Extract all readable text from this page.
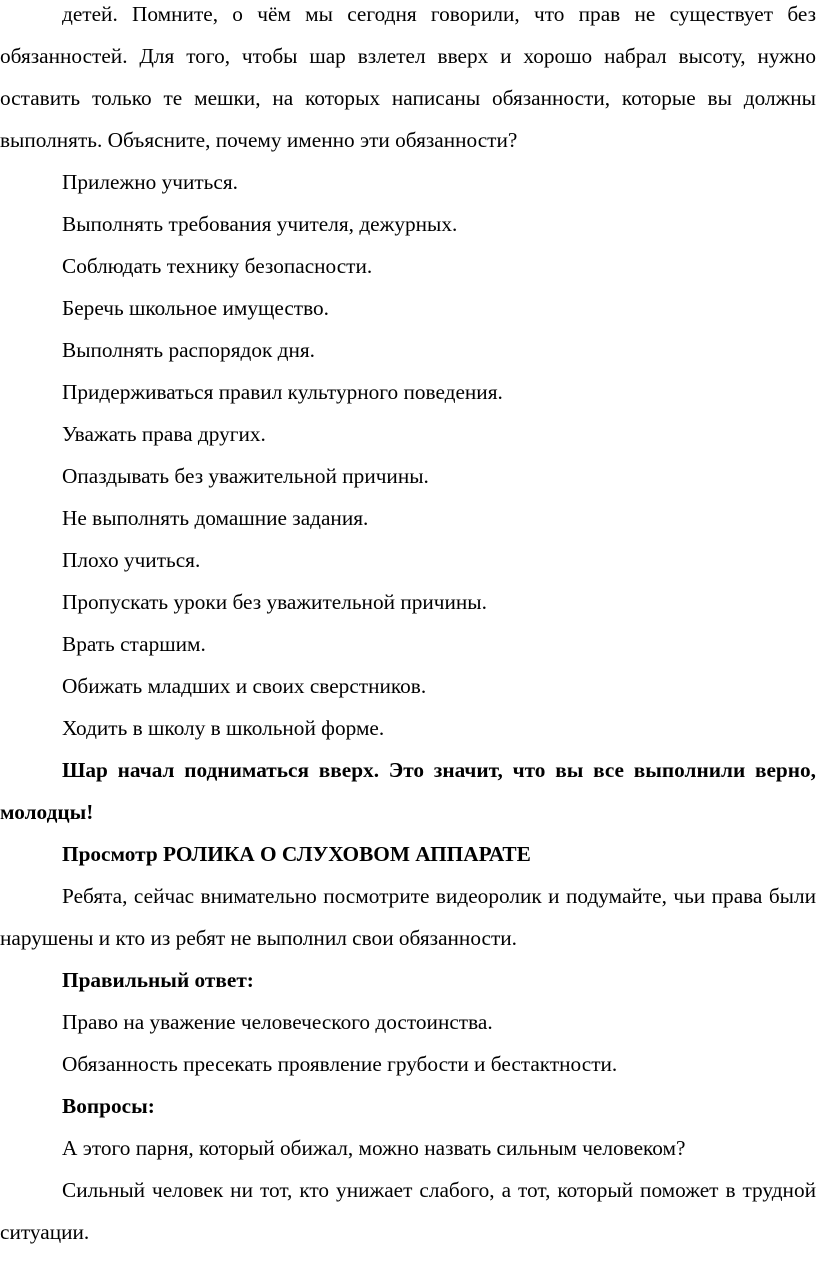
детей. Помните, о чём мы сегодня говорили, что прав не существует без обязанностей. Для того, чтобы шар взлетел вверх и хорошо набрал высоту, нужно оставить только те мешки, на которых написаны обязанности, которые вы должны выполнять. Объясните, почему именно эти обязанности?

Прилежно учиться.

Выполнять требования учителя, дежурных.

Соблюдать технику безопасности.

Беречь школьное имущество.

Выполнять распорядок дня.

Придерживаться правил культурного поведения.

Уважать права других.

Опаздывать без уважительной причины.

Не выполнять домашние задания.

Плохо учиться.

Пропускать уроки без уважительной причины.

Врать старшим.

Обижать младших и своих сверстников.

Ходить в школу в школьной форме.

Шар начал подниматься вверх. Это значит, что вы все выполнили верно, молодцы!

Просмотр РОЛИКА О СЛУХОВОМ АППАРАТЕ

Ребята, сейчас внимательно посмотрите видеоролик и подумайте, чьи права были нарушены и кто из ребят не выполнил свои обязанности.

Правильный ответ:

Право на уважение человеческого достоинства.

Обязанность пресекать проявление грубости и бестактности.

Вопросы:

А этого парня, который обижал, можно назвать сильным человеком?

Сильный человек ни тот, кто унижает слабого, а тот, который поможет в трудной ситуации.
